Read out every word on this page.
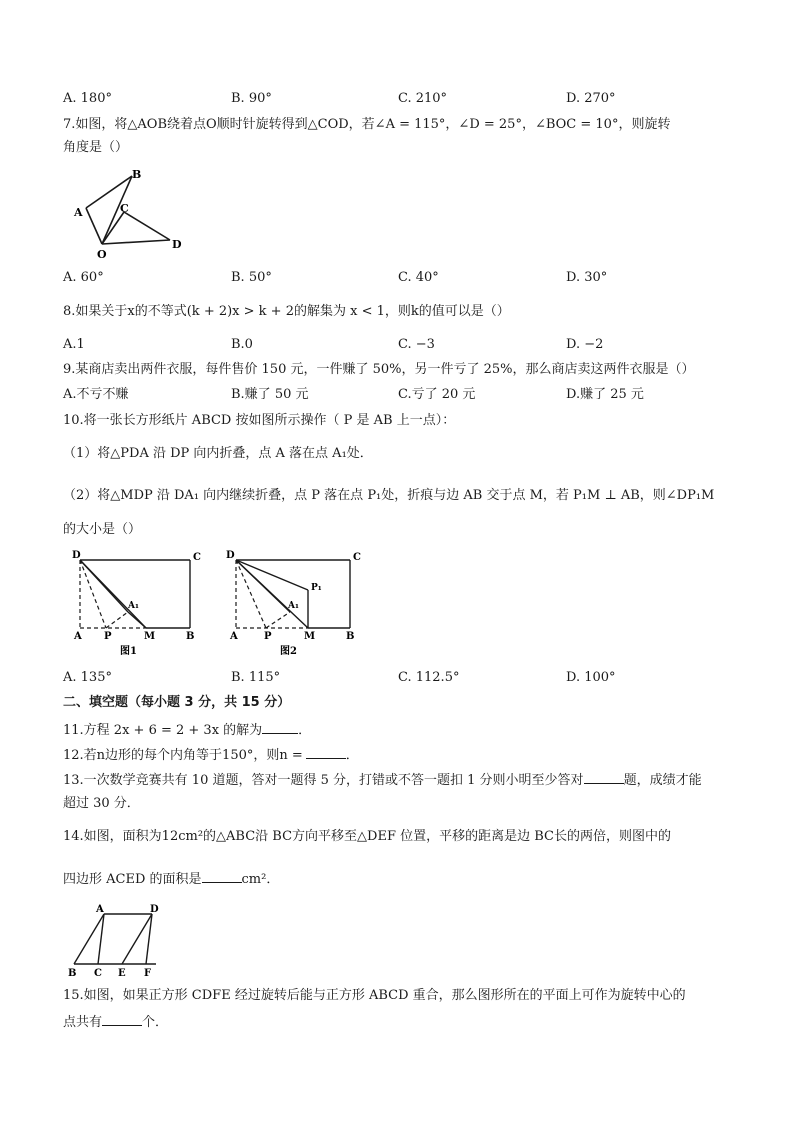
A. 180°	B. 90°	C. 210°	D. 270°
7.如图，将△AOB绕着点O顺时针旋转得到△COD，若∠A = 115°，∠D = 25°，∠BOC = 10°，则旋转
角度是（）
A
B
C
D
O
A. 60°	B. 50°	C. 40°	D. 30°
8.如果关于x的不等式(k + 2)x > k + 2的解集为 x < 1，则k的值可以是（）
A.1	B.0	C. −3	D. −2
9.某商店卖出两件衣服，每件售价 150 元，一件赚了 50%，另一件亏了 25%，那么商店卖这两件衣服是（）
A.不亏不赚	B.赚了 50 元	C.亏了 20 元	D.赚了 25 元
10.将一张长方形纸片 ABCD 按如图所示操作（ P 是 AB 上一点）：
（1）将△PDA 沿 DP 向内折叠，点 A 落在点 A₁处．
（2）将△MDP 沿 DA₁ 向内继续折叠，点 P 落在点 P₁处，折痕与边 AB 交于点 M，若 P₁M ⊥ AB，则∠DP₁M
的大小是（）
D	C
A₁
A P	M	B
图1
D	C
P₁
A₁
A	P	M	B
图2
A. 135°	B. 115°	C. 112.5°	D. 100°
二、填空题（每小题 3 分，共 15 分）
11.方程 2x + 6 = 2 + 3x 的解为	．
12.若n边形的每个内角等于150°，则n =	．
13.一次数学竞赛共有 10 道题，答对一题得 5 分，打错或不答一题扣 1 分则小明至少答对	题，成绩才能
超过 30 分．
14.如图，面积为12cm²的△ABC沿 BC方向平移至△DEF 位置，平移的距离是边 BC长的两倍，则图中的
四边形 ACED 的面积是	cm²．
A	D
B C E F
15.如图，如果正方形 CDFE 经过旋转后能与正方形 ABCD 重合，那么图形所在的平面上可作为旋转中心的
点共有	个．
